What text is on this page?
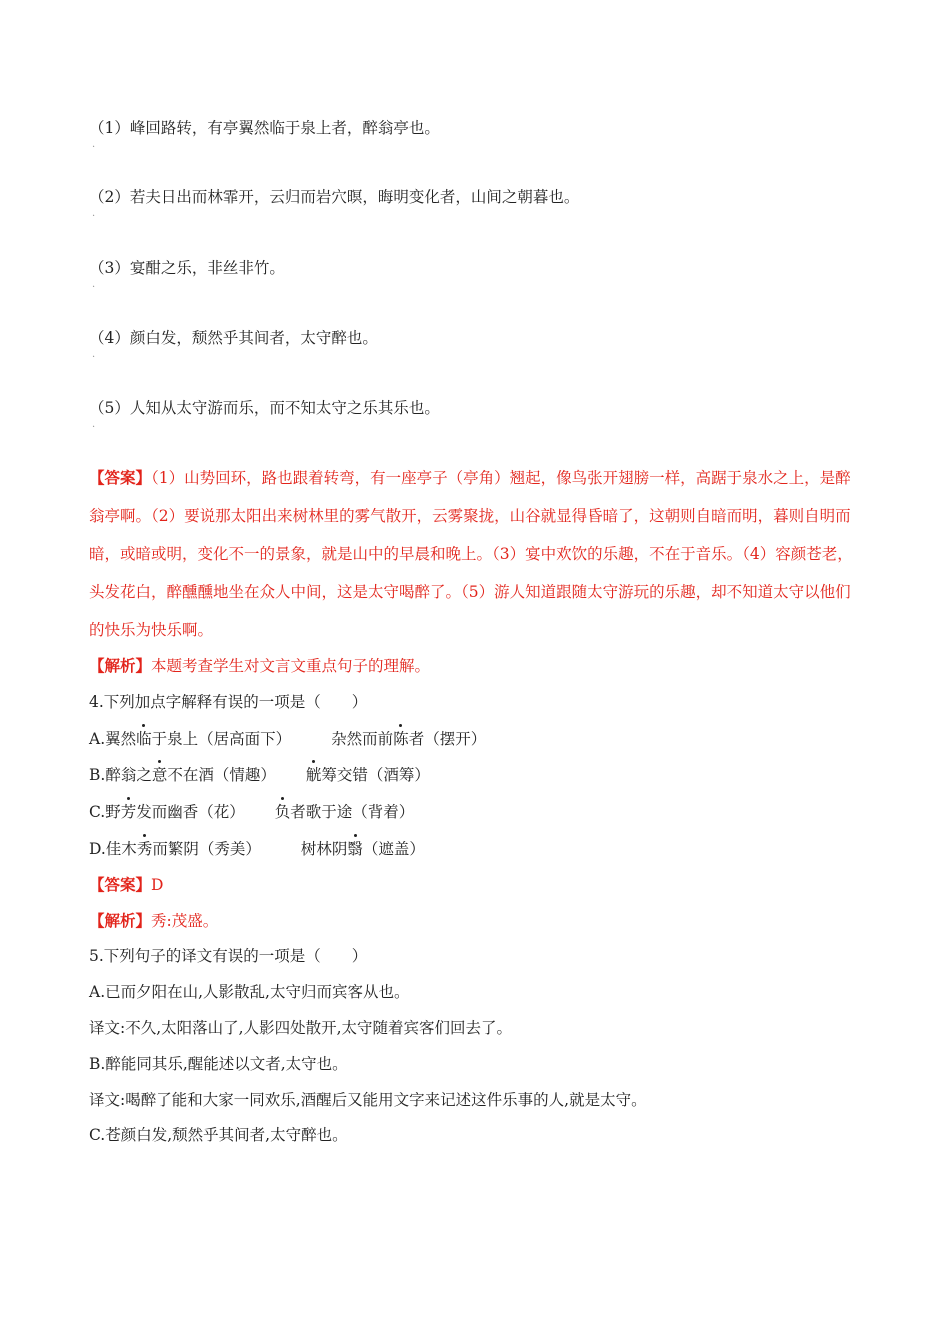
（1）峰回路转，有亭翼然临于泉上者，醉翁亭也。
·
（2）若夫日出而林霏开，云归而岩穴暝，晦明变化者，山间之朝暮也。
·
（3）宴酣之乐，非丝非竹。
·
（4）颜白发，颓然乎其间者，太守醉也。
·
（5）人知从太守游而乐，而不知太守之乐其乐也。
·
【答案】（1）山势回环，路也跟着转弯，有一座亭子（亭角）翘起，像鸟张开翅膀一样，高踞于泉水之上，是醉翁亭啊。（2）要说那太阳出来树林里的雾气散开，云雾聚拢，山谷就显得昏暗了，这朝则自暗而明，暮则自明而暗，或暗或明，变化不一的景象，就是山中的早晨和晚上。（3）宴中欢饮的乐趣，不在于音乐。（4）容颜苍老，头发花白，醉醺醺地坐在众人中间，这是太守喝醉了。（5）游人知道跟随太守游玩的乐趣，却不知道太守以他们的快乐为快乐啊。
【解析】本题考查学生对文言文重点句子的理解。
4.下列加点字解释有误的一项是（　　）
A.翼然临于泉上（居高面下）	杂然而前陈者（摆开）
B.醉翁之意不在酒（情趣） 觥筹交错（酒筹）
C.野芳发而幽香（花） 负者歌于途（背着）
D.佳木秀而繁阴（秀美）	树林阴翳（遮盖）
【答案】D
【解析】秀:茂盛。
5.下列句子的译文有误的一项是（　　）
A.已而夕阳在山,人影散乱,太守归而宾客从也。
译文:不久,太阳落山了,人影四处散开,太守随着宾客们回去了。
B.醉能同其乐,醒能述以文者,太守也。
译文:喝醉了能和大家一同欢乐,酒醒后又能用文字来记述这件乐事的人,就是太守。
C.苍颜白发,颓然乎其间者,太守醉也。
